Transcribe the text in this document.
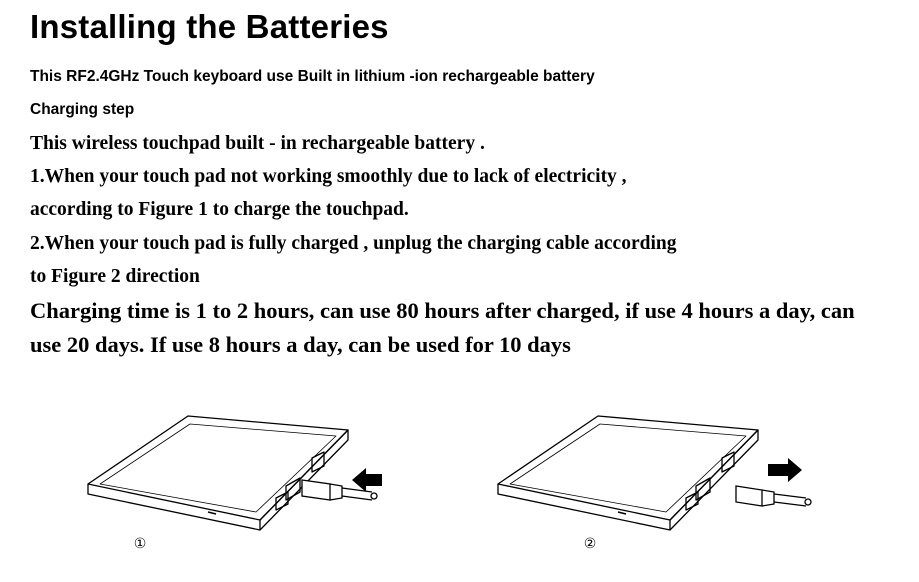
Installing the Batteries
This RF2.4GHz Touch keyboard use Built in lithium -ion rechargeable battery
Charging step
This wireless touchpad built - in rechargeable battery .
1.When your touch pad not working smoothly due to lack of electricity ,
according to Figure 1 to charge the touchpad.
2.When your touch pad is fully charged , unplug the charging cable according
to Figure 2 direction
Charging time is 1 to 2 hours, can use 80 hours after charged, if use 4 hours a day, can
use 20 days. If use 8 hours a day, can be used for 10 days
①	②
